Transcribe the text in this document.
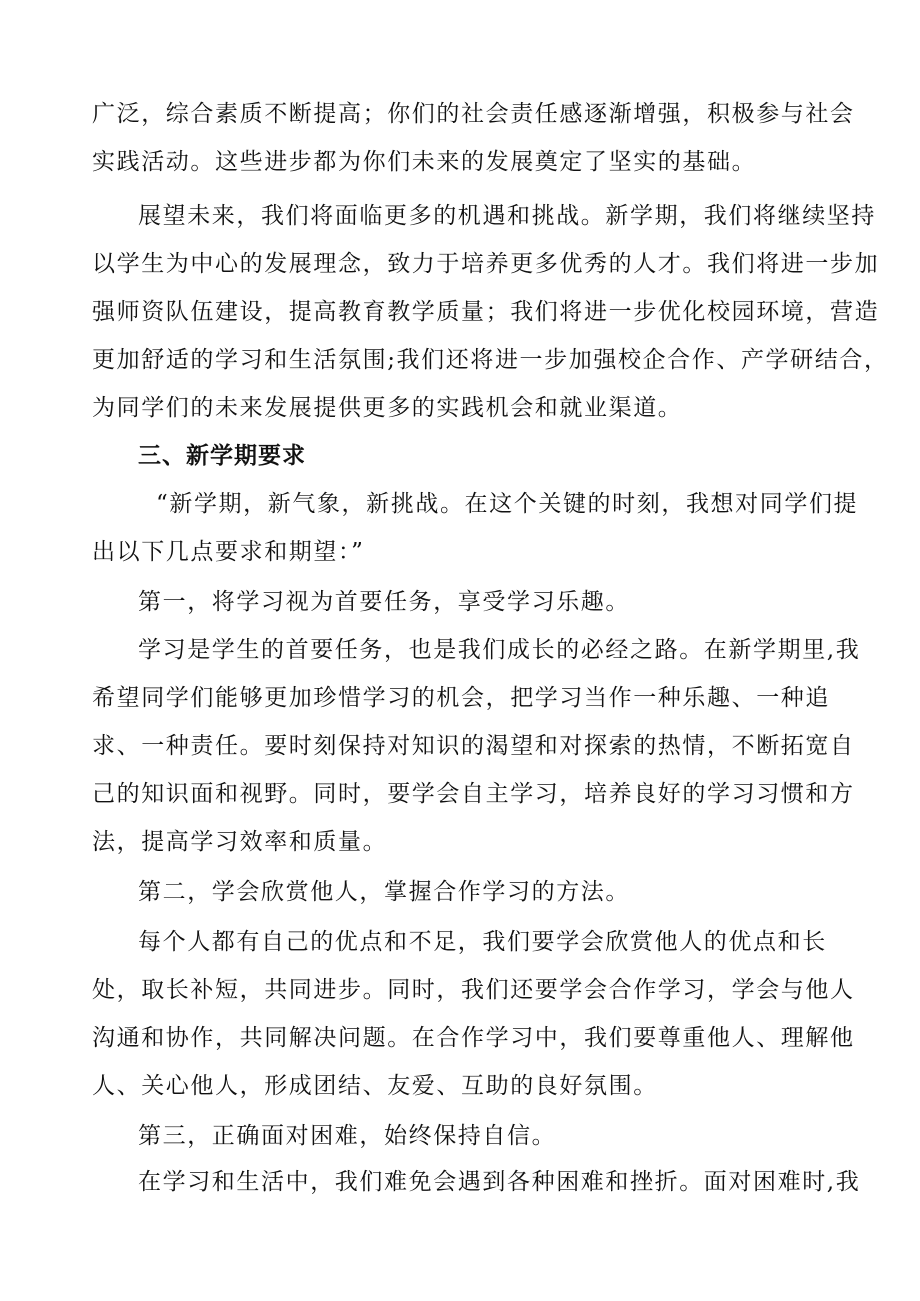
广泛，综合素质不断提高；你们的社会责任感逐渐增强，积极参与社会
实践活动。这些进步都为你们未来的发展奠定了坚实的基础。
展望未来，我们将面临更多的机遇和挑战。新学期，我们将继续坚持
以学生为中心的发展理念，致力于培养更多优秀的人才。我们将进一步加
强师资队伍建设，提高教育教学质量；我们将进一步优化校园环境，营造
更加舒适的学习和生活氛围;我们还将进一步加强校企合作、产学研结合，
为同学们的未来发展提供更多的实践机会和就业渠道。
三、新学期要求
“新学期，新气象，新挑战。在这个关键的时刻，我想对同学们提
出以下几点要求和期望：”
第一，将学习视为首要任务，享受学习乐趣。
学习是学生的首要任务，也是我们成长的必经之路。在新学期里,我
希望同学们能够更加珍惜学习的机会，把学习当作一种乐趣、一种追
求、一种责任。要时刻保持对知识的渴望和对探索的热情，不断拓宽自
己的知识面和视野。同时，要学会自主学习，培养良好的学习习惯和方
法，提高学习效率和质量。
第二，学会欣赏他人，掌握合作学习的方法。
每个人都有自己的优点和不足，我们要学会欣赏他人的优点和长
处，取长补短，共同进步。同时，我们还要学会合作学习，学会与他人
沟通和协作，共同解决问题。在合作学习中，我们要尊重他人、理解他
人、关心他人，形成团结、友爱、互助的良好氛围。
第三，正确面对困难，始终保持自信。
在学习和生活中，我们难免会遇到各种困难和挫折。面对困难时,我
